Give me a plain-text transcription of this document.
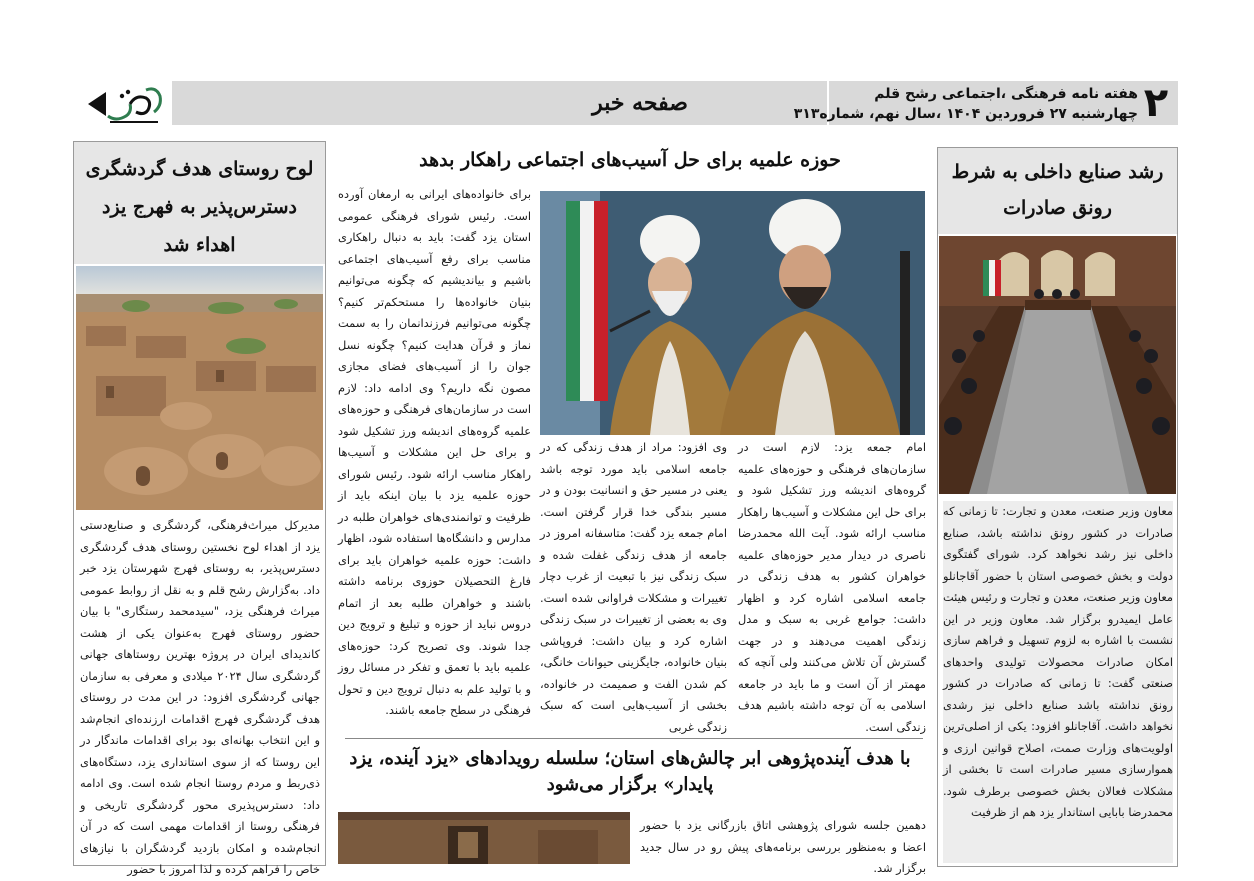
۲
هفته نامه فرهنگی ،اجتماعی رشح قلم
چهارشنبه ۲۷ فروردین ۱۴۰۴ ،سال نهم، شماره۳۱۳
صفحه خبر
لوح روستای هدف گردشگری دسترس‌پذیر به فهرج یزد اهداء شد
مدیرکل میراث‌فرهنگی، گردشگری و صنایع‌دستی یزد از اهداء لوح نخستین روستای هدف گردشگری دسترس‌پذیر، به روستای فهرج شهرستان یزد خبر داد. به‌گزارش رشح قلم و به نقل از روابط عمومی میراث فرهنگی یزد، "سیدمحمد رستگاری" با بیان حضور روستای فهرج به‌عنوان یکی از هشت کاندیدای ایران در پروژه بهترین روستاهای جهانی گردشگری سال ۲۰۲۴ میلادی و معرفی به سازمان جهانی گردشگری افزود: در این مدت در روستای هدف گردشگری فهرج اقدامات ارزنده‌ای انجام‌شد و این انتخاب بهانه‌ای بود برای اقدامات ماندگار در این روستا که از سوی استانداری یزد، دستگاه‌های ذی‌ربط و مردم روستا انجام شده است. وی ادامه داد: دسترس‌پذیری محور گردشگری تاریخی و فرهنگی روستا از اقدامات مهمی است که در آن انجام‌شده و امکان بازدید گردشگران با نیازهای خاص را فراهم کرده و لذا امروز با حضور
حوزه علمیه برای حل آسیب‌های اجتماعی راهکار بدهد
برای خانواده‌های ایرانی به ارمغان آورده است. رئیس شورای فرهنگی عمومی استان یزد گفت: باید به دنبال راهکاری مناسب برای رفع آسیب‌های اجتماعی باشیم و بیاندیشیم که چگونه می‌توانیم بنیان خانواده‌ها را مستحکم‌تر کنیم؟ چگونه می‌توانیم فرزندانمان را به سمت نماز و قرآن هدایت کنیم؟ چگونه نسل جوان را از آسیب‌های فضای مجازی مصون نگه داریم؟ وی ادامه داد: لازم است در سازمان‌های فرهنگی و حوزه‌های علمیه گروه‌های اندیشه ورز تشکیل شود و برای حل این مشکلات و آسیب‌ها راهکار مناسب ارائه شود. رئیس شورای حوزه علمیه یزد با بیان اینکه باید از ظرفیت و توانمندی‌های خواهران طلبه در مدارس و دانشگاه‌ها استفاده شود، اظهار داشت: حوزه علمیه خواهران باید برای فارغ التحصیلان حوزوی برنامه داشته باشند و خواهران طلبه بعد از اتمام دروس نباید از حوزه و تبلیغ و ترویج دین جدا شوند. وی تصریح کرد: حوزه‌های علمیه باید با تعمق و تفکر در مسائل روز و با تولید علم به دنبال ترویج دین و تحول فرهنگی در سطح جامعه باشند.
وی افزود: مراد از هدف زندگی که در جامعه اسلامی باید مورد توجه باشد یعنی در مسیر حق و انسانیت بودن و در مسیر بندگی خدا قرار گرفتن است. امام جمعه یزد گفت: متاسفانه امروز در جامعه از هدف زندگی غفلت شده و سبک زندگی نیز با تبعیت از غرب دچار تغییرات و مشکلات فراوانی شده است. وی به بعضی از تغییرات در سبک زندگی اشاره کرد و بیان داشت: فروپاشی بنیان خانواده، جایگزینی حیوانات خانگی، کم شدن الفت و صمیمت در خانواده، بخشی از آسیب‌هایی است که سبک زندگی غربی
امام جمعه یزد: لازم است در سازمان‌های فرهنگی و حوزه‌های علمیه گروه‌های اندیشه ورز تشکیل شود و برای حل این مشکلات و آسیب‌ها راهکار مناسب ارائه شود. آیت الله محمدرضا ناصری در دیدار مدیر حوزه‌های علمیه خواهران کشور به هدف زندگی در جامعه اسلامی اشاره کرد و اظهار داشت: جوامع غربی به سبک و مدل زندگی اهمیت می‌دهند و در جهت گسترش آن تلاش می‌کنند ولی آنچه که مهمتر از آن است و ما باید در جامعه اسلامی به آن توجه داشته باشیم هدف زندگی است.
با هدف آینده‌پژوهی ابر چالش‌های استان؛ سلسله رویدادهای «یزد آینده، یزد پایدار» برگزار می‌شود
دهمین جلسه شورای پژوهشی اتاق بازرگانی یزد با حضور اعضا و به‌منظور بررسی برنامه‌های پیش رو در سال جدید برگزار شد.
رشد صنایع داخلی به شرط رونق صادرات
معاون وزیر صنعت، معدن و تجارت: تا زمانی که صادرات در کشور رونق نداشته باشد، صنایع داخلی نیز رشد نخواهد کرد. شورای گفتگوی دولت و بخش خصوصی استان با حضور آقاجانلو معاون وزیر صنعت، معدن و تجارت و رئیس هیئت عامل ایمیدرو برگزار شد. معاون وزیر در این نشست با اشاره به لزوم تسهیل و فراهم سازی امکان صادرات محصولات تولیدی واحدهای صنعتی گفت: تا زمانی که صادرات در کشور رونق نداشته باشد صنایع داخلی نیز رشدی نخواهد داشت. آقاجانلو افزود: یکی از اصلی‌ترین اولویت‌های وزارت صمت، اصلاح قوانین ارزی و هموارسازی مسیر صادرات است تا بخشی از مشکلات فعالان بخش خصوصی برطرف شود. محمدرضا بابایی استاندار یزد هم از ظرفیت
